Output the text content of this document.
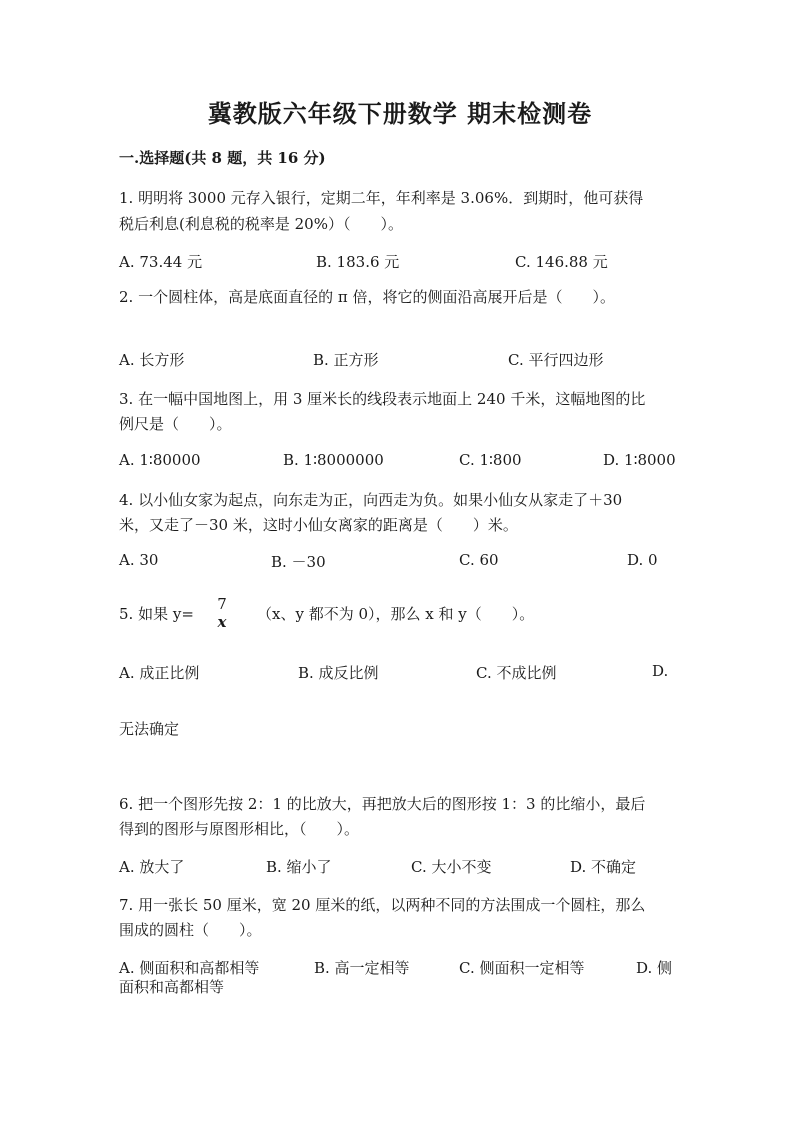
冀教版六年级下册数学 期末检测卷
一.选择题(共 8 题，共 16 分)
1. 明明将 3000 元存入银行，定期二年，年利率是 3.06%．到期时，他可获得
税后利息(利息税的税率是 20%）（　　）。
A. 73.44 元	B. 183.6 元	C. 146.88 元
2. 一个圆柱体，高是底面直径的 π 倍，将它的侧面沿高展开后是（　　）。
A. 长方形	B. 正方形	C. 平行四边形
3. 在一幅中国地图上，用 3 厘米长的线段表示地面上 240 千米，这幅地图的比
例尺是（　　）。
A. 1∶80000	B. 1∶8000000	C. 1∶800	D. 1∶8000
4. 以小仙女家为起点，向东走为正，向西走为负。如果小仙女从家走了＋30
米，又走了－30 米，这时小仙女离家的距离是（　　）米。
A. 30	B. －30	C. 60	D. 0
5. 如果 y=
7
x	（x、y 都不为 0），那么 x 和 y（　　）。
A. 成正比例	B. 成反比例	C. 不成比例	D.
无法确定
6. 把一个图形先按 2：1 的比放大，再把放大后的图形按 1：3 的比缩小，最后
得到的图形与原图形相比，（　　）。
A. 放大了	B. 缩小了	C. 大小不变	D. 不确定
7. 用一张长 50 厘米，宽 20 厘米的纸，以两种不同的方法围成一个圆柱，那么
围成的圆柱（　　）。
A. 侧面积和高都相等	B. 高一定相等	C. 侧面积一定相等	D. 侧
面积和高都相等
